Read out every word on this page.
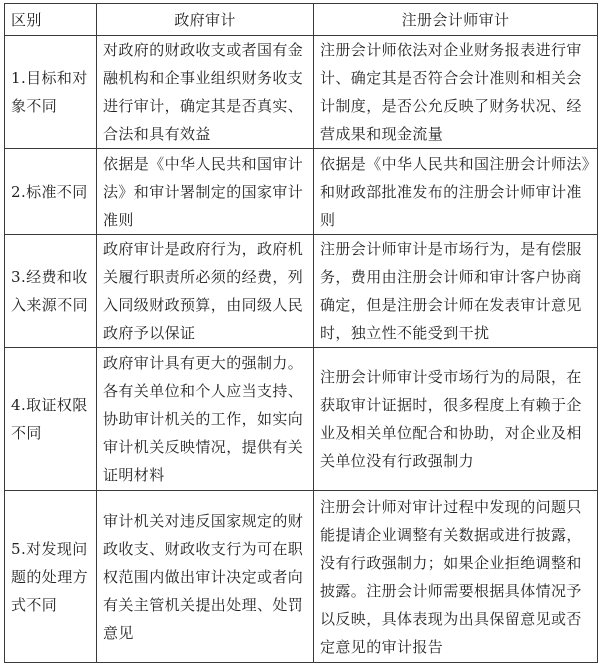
区别	政府审计	注册会计师审计
1.目标和对象不同	对政府的财政收支或者国有金融机构和企事业组织财务收支进行审计，确定其是否真实、合法和具有效益	注册会计师依法对企业财务报表进行审计、确定其是否符合会计准则和相关会计制度，是否公允反映了财务状况、经营成果和现金流量
2.标准不同	依据是《中华人民共和国审计法》和审计署制定的国家审计准则	依据是《中华人民共和国注册会计师法》和财政部批准发布的注册会计师审计准则
3.经费和收入来源不同	政府审计是政府行为，政府机关履行职责所必须的经费，列入同级财政预算，由同级人民政府予以保证	注册会计师审计是市场行为，是有偿服务，费用由注册会计师和审计客户协商确定，但是注册会计师在发表审计意见时，独立性不能受到干扰
4.取证权限不同	政府审计具有更大的强制力。各有关单位和个人应当支持、协助审计机关的工作，如实向审计机关反映情况，提供有关证明材料	注册会计师审计受市场行为的局限，在获取审计证据时，很多程度上有赖于企业及相关单位配合和协助，对企业及相关单位没有行政强制力
5.对发现问题的处理方式不同	审计机关对违反国家规定的财政收支、财政收支行为可在职权范围内做出审计决定或者向有关主管机关提出处理、处罚意见	注册会计师对审计过程中发现的问题只能提请企业调整有关数据或进行披露，没有行政强制力；如果企业拒绝调整和披露。注册会计师需要根据具体情况予以反映，具体表现为出具保留意见或否定意见的审计报告
